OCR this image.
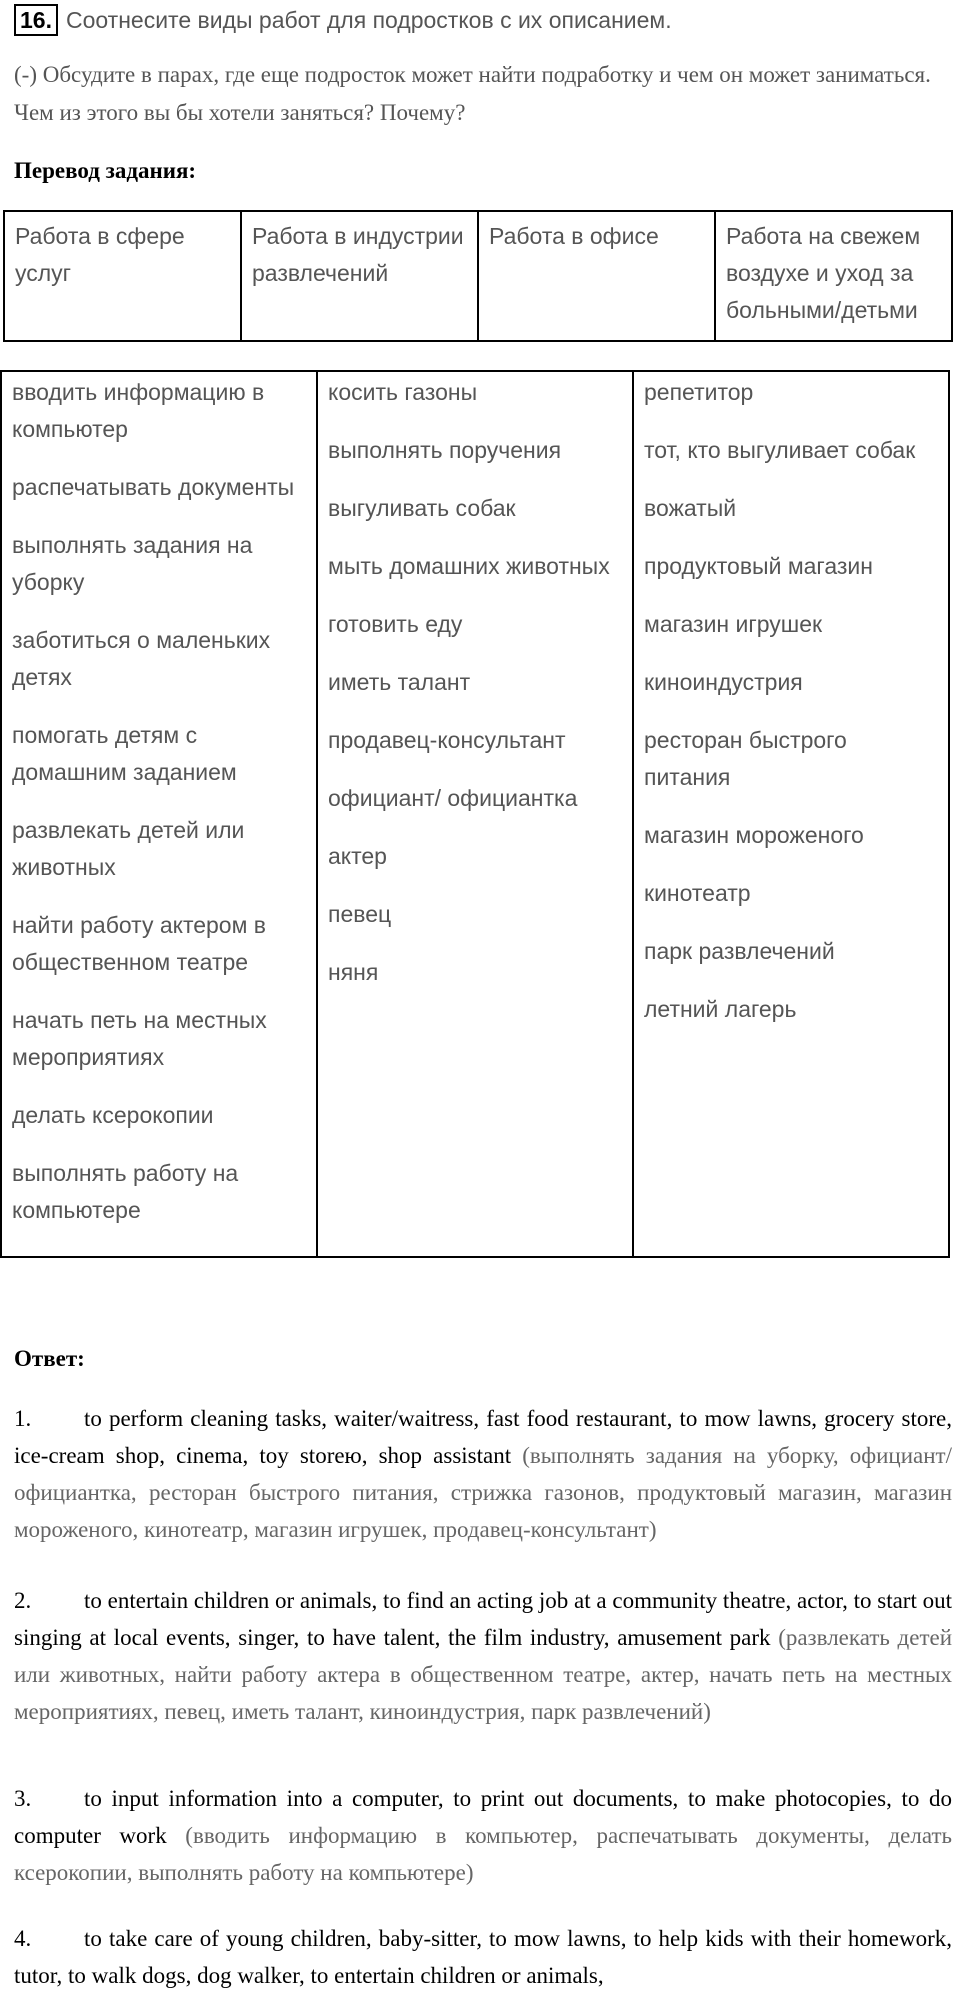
16. Соотнесите виды работ для подростков с их описанием.
(-) Обсудите в парах, где еще подросток может найти подработку и чем он может заниматься. Чем из этого вы бы хотели заняться? Почему?
Перевод задания:
Работа в сфере услуг	Работа в индустрии развлечений	Работа в офисе	Работа на свежем воздухе и уход за больными/детьми
вводить информацию в компьютер
распечатывать документы
выполнять задания на уборку
заботиться о маленьких детях
помогать детям с домашним заданием
развлекать детей или животных
найти работу актером в общественном театре
начать петь на местных мероприятиях
делать ксерокопии
выполнять работу на компьютере

косить газоны
выполнять поручения
выгуливать собак
мыть домашних животных
готовить еду
иметь талант
продавец-консультант
официант/ официантка
актер
певец
няня

репетитор
тот, кто выгуливает собак
вожатый
продуктовый магазин
магазин игрушек
киноиндустрия
ресторан быстрого питания
магазин мороженого
кинотеатр
парк развлечений
летний лагерь
Ответ:
1. to perform cleaning tasks, waiter/waitress, fast food restaurant, to mow lawns, grocery store, ice-cream shop, cinema, toy storeю, shop assistant (выполнять задания на уборку, официант/официантка, ресторан быстрого питания, стрижка газонов, продуктовый магазин, магазин мороженого, кинотеатр, магазин игрушек, продавец-консультант)
2. to entertain children or animals, to find an acting job at a community theatre, actor, to start out singing at local events, singer, to have talent, the film industry, amusement park (развлекать детей или животных, найти работу актера в общественном театре, актер, начать петь на местных мероприятиях, певец, иметь талант, киноиндустрия, парк развлечений)
3. to input information into a computer, to print out documents, to make photocopies, to do computer work (вводить информацию в компьютер, распечатывать документы, делать ксерокопии, выполнять работу на компьютере)
4. to take care of young children, baby-sitter, to mow lawns, to help kids with their homework, tutor, to walk dogs, dog walker, to entertain children or animals,
